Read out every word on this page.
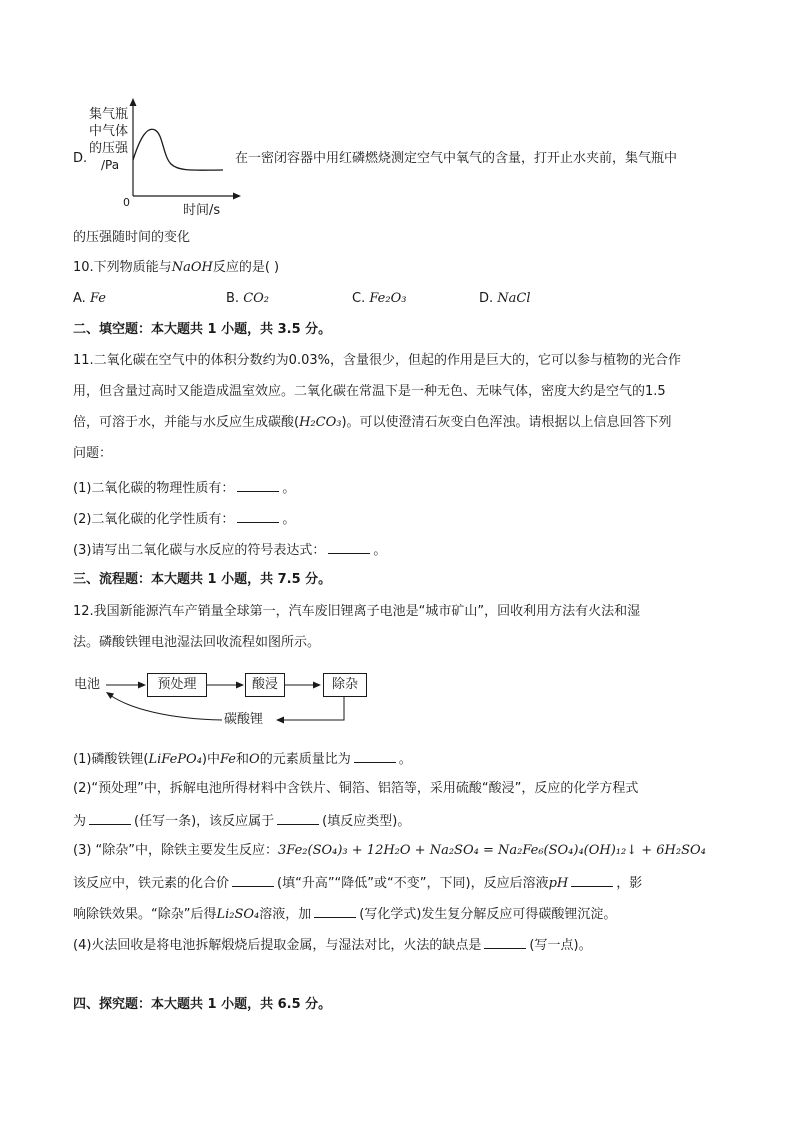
D.
集气瓶
中气体
的压强
/Pa
0
时间/s
在一密闭容器中用红磷燃烧测定空气中氧气的含量，打开止水夹前，集气瓶中
的压强随时间的变化
10.下列物质能与NaOH反应的是( )
A. Fe	B. CO₂	C. Fe₂O₃	D. NaCl
二、填空题：本大题共 1 小题，共 3.5 分。
11.二氧化碳在空气中的体积分数约为0.03%，含量很少，但起的作用是巨大的，它可以参与植物的光合作
用，但含量过高时又能造成温室效应。二氧化碳在常温下是一种无色、无味气体，密度大约是空气的1.5
倍，可溶于水，并能与水反应生成碳酸(H₂CO₃)。可以使澄清石灰变白色浑浊。请根据以上信息回答下列
问题：
(1)二氧化碳的物理性质有：	。
(2)二氧化碳的化学性质有：	。
(3)请写出二氧化碳与水反应的符号表达式：	。
三、流程题：本大题共 1 小题，共 7.5 分。
12.我国新能源汽车产销量全球第一，汽车废旧锂离子电池是“城市矿山”，回收利用方法有火法和湿
法。磷酸铁锂电池湿法回收流程如图所示。
电池	预处理	酸浸	除杂
碳酸锂
(1)磷酸铁锂(LiFePO₄)中Fe和O的元素质量比为	。
(2)“预处理”中，拆解电池所得材料中含铁片、铜箔、铝箔等，采用硫酸“酸浸”，反应的化学方程式
为	(任写一条)，该反应属于	(填反应类型)。
(3) “除杂”中，除铁主要发生反应：3Fe₂(SO₄)₃ + 12H₂O + Na₂SO₄ = Na₂Fe₆(SO₄)₄(OH)₁₂↓ + 6H₂SO₄
该反应中，铁元素的化合价	(填“升高”“降低”或“不变”，下同)，反应后溶液pH	，影
响除铁效果。“除杂”后得Li₂SO₄溶液，加	(写化学式)发生复分解反应可得碳酸锂沉淀。
(4)火法回收是将电池拆解煅烧后提取金属，与湿法对比，火法的缺点是	(写一点)。
四、探究题：本大题共 1 小题，共 6.5 分。
